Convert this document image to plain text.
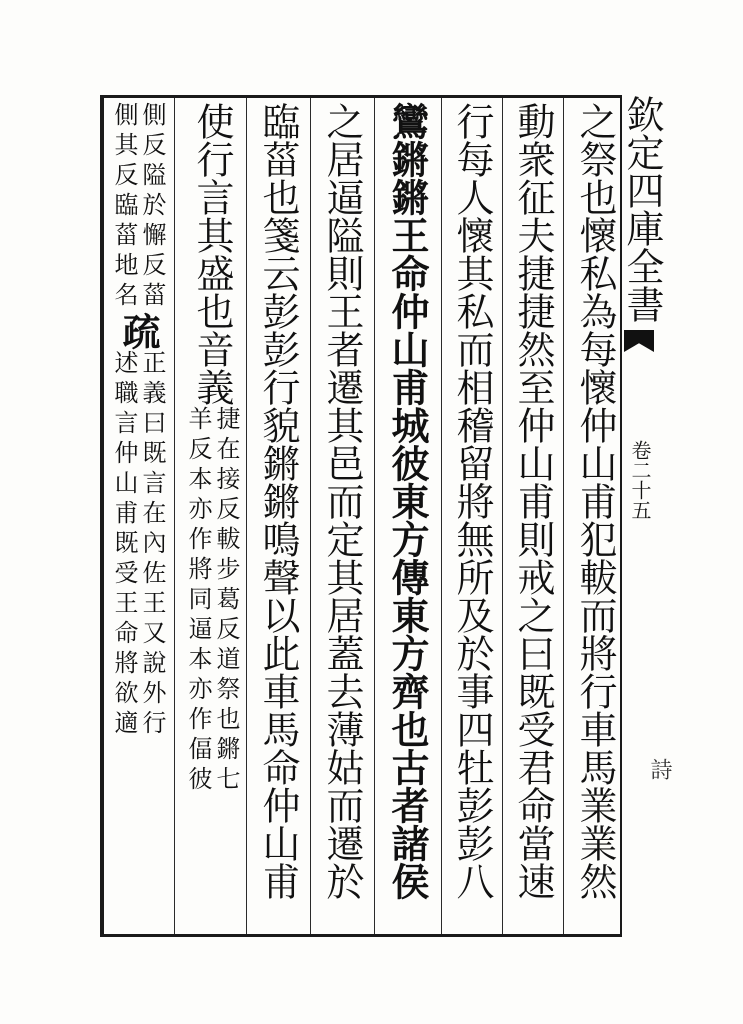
欽定四庫全書
卷二十五
詩
之祭也懷私為每懷仲山甫犯軷而將行車馬業業然
動衆征夫捷捷然至仲山甫則戒之曰既受君命當速
行每人懷其私而相稽留將無所及於事四牡彭彭八
鸞鏘鏘王命仲山甫城彼東方傳東方齊也古者諸侯
之居逼隘則王者遷其邑而定其居蓋去薄姑而遷於
臨菑也箋云彭彭行貌鏘鏘鳴聲以此車馬命仲山甫
使行言其盛也音義
捷在接反軷步葛反道祭也鏘七
羊反本亦作將同逼本亦作偪彼
側反隘於懈反菑
側其反臨菑地名
疏
正義曰既言在內佐王又說外行
述職言仲山甫既受王命將欲適
